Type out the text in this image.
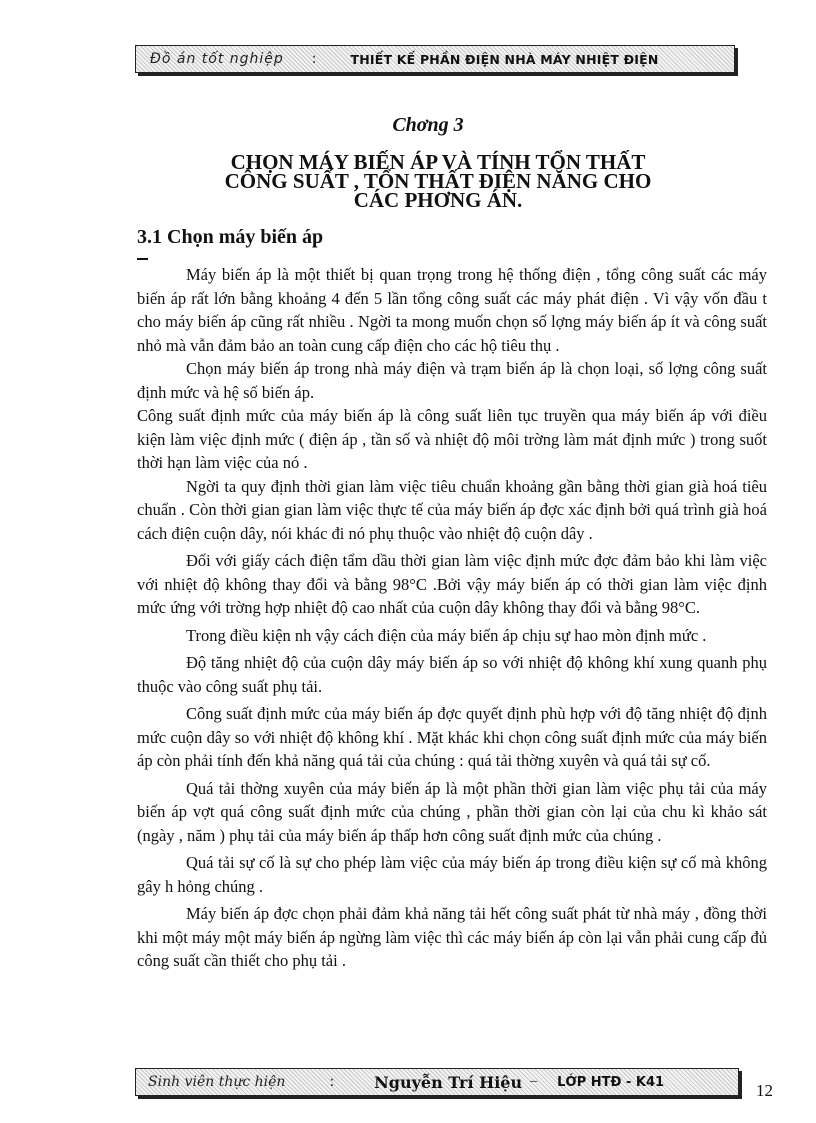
Đồ án tốt nghiệp :	THIẾT KẾ PHẦN ĐIỆN NHÀ MÁY NHIỆT ĐIỆN
Chơng 3
CHỌN MÁY BIẾN ÁP VÀ TÍNH TỔN THẤT
CÔNG SUẤT , TỔN THẤT ĐIỆN NĂNG CHO
CÁC PHƠNG ÁN.
3.1 Chọn máy biến áp

Máy biến áp là một thiết bị quan trọng trong hệ thống điện , tổng công suất các máy biến áp rất lớn bằng khoảng 4 đến 5 lần tổng công suất các máy phát điện . Vì vậy vốn đầu t cho máy biến áp cũng rất nhiều . Ngời ta mong muốn chọn số lợng máy biến áp ít và công suất nhỏ mà vẫn đảm bảo an toàn cung cấp điện cho các hộ tiêu thụ .

Chọn máy biến áp trong nhà máy điện và trạm biến áp là chọn loại, số lợng công suất định mức và hệ số biến áp.

Công suất định mức của máy biến áp là công suất liên tục truyền qua máy biến áp với điều kiện làm việc định mức ( điện áp , tần số và nhiệt độ môi trờng làm mát định mức ) trong suốt thời hạn làm việc của nó .

Ngời ta quy định thời gian làm việc tiêu chuẩn khoảng gần bằng thời gian già hoá tiêu chuẩn . Còn thời gian gian làm việc thực tế của máy biến áp đợc xác định bởi quá trình già hoá cách điện cuộn dây, nói khác đi nó phụ thuộc vào nhiệt độ cuộn dây .

Đối với giấy cách điện tẩm dầu thời gian làm việc định mức đợc đảm bảo khi làm việc với nhiệt độ không thay đổi và bằng 98°C .Bởi vậy máy biến áp có thời gian làm việc định mức ứng với trờng hợp nhiệt độ cao nhất của cuộn dây không thay đổi và bằng 98°C.

Trong điều kiện nh vậy cách điện của máy biến áp chịu sự hao mòn định mức .

Độ tăng nhiệt độ của cuộn dây máy biến áp so với nhiệt độ không khí xung quanh phụ thuộc vào công suất phụ tải.

Công suất định mức của máy biến áp đợc quyết định phù hợp với độ tăng nhiệt độ định mức cuộn dây so với nhiệt độ không khí . Mặt khác khi chọn công suất định mức của máy biến áp còn phải tính đến khả năng quá tải của chúng : quá tải thờng xuyên và quá tải sự cố.

Quá tải thờng xuyên của máy biến áp là một phần thời gian làm việc phụ tải của máy biến áp vợt quá công suất định mức của chúng , phần thời gian còn lại của chu kì khảo sát (ngày , năm ) phụ tải của máy biến áp thấp hơn công suất định mức của chúng .

Quá tải sự cố là sự cho phép làm việc của máy biến áp trong điều kiện sự cố mà không gây h hỏng chúng .

Máy biến áp đợc chọn phải đảm khả năng tải hết công suất phát từ nhà máy , đồng thời khi một máy một máy biến áp ngừng làm việc thì các máy biến áp còn lại vẫn phải cung cấp đủ công suất cần thiết cho phụ tải .

Sinh viên thực hiện	:	Nguyễn Trí Hiệu _ LỚP HTĐ - K41	12
